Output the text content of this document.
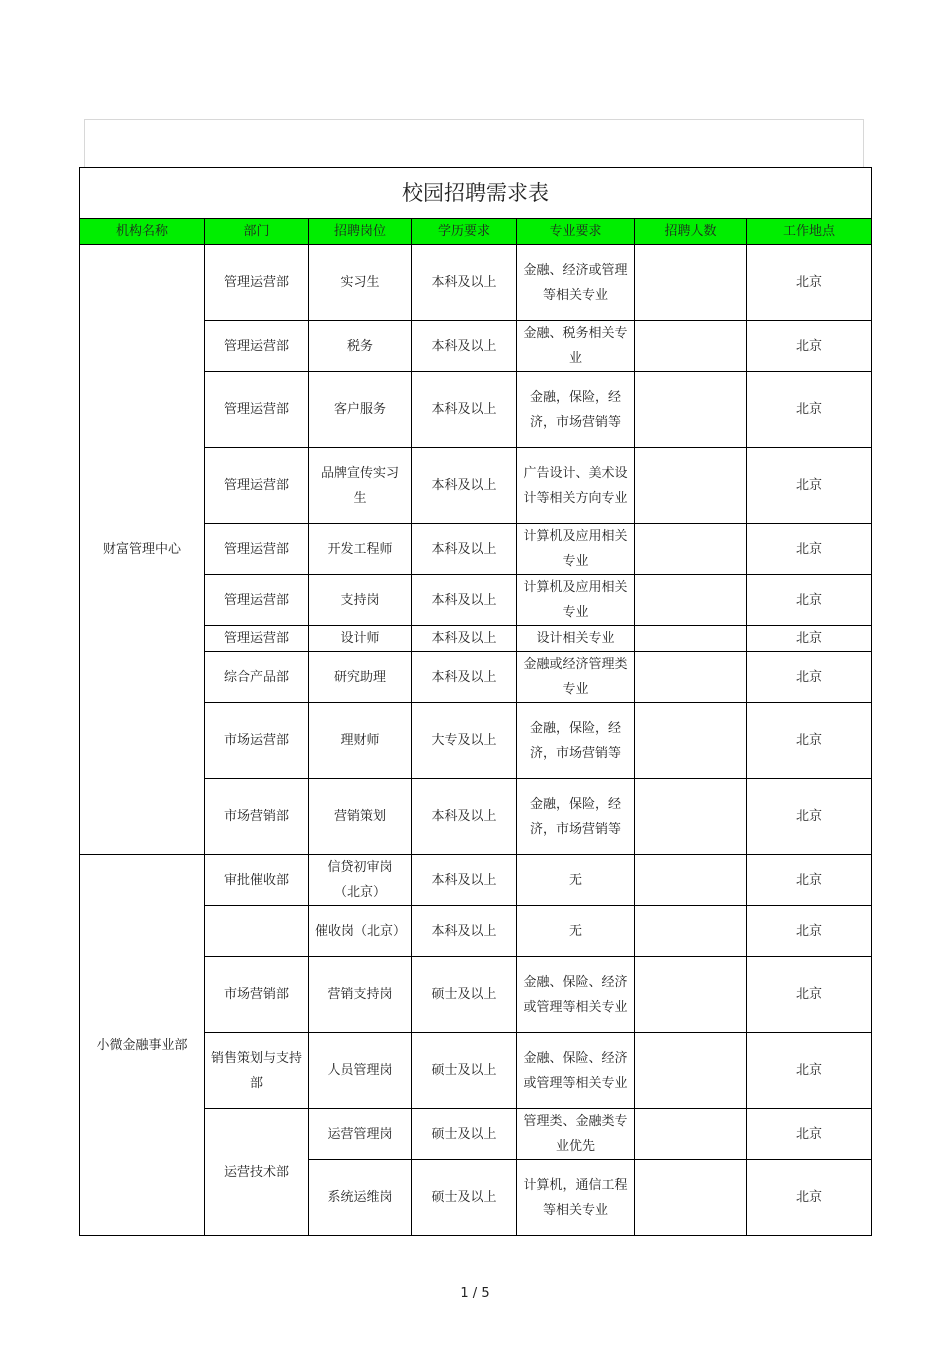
校园招聘需求表						
机构名称	部门	招聘岗位	学历要求	专业要求	招聘人数	工作地点
财富管理中心	管理运营部	实习生	本科及以上	金融、经济或管理等相关专业		北京
	管理运营部	税务	本科及以上	金融、税务相关专业		北京
	管理运营部	客户服务	本科及以上	金融，保险，经济，市场营销等		北京
	管理运营部	品牌宣传实习生	本科及以上	广告设计、美术设计等相关方向专业		北京
	管理运营部	开发工程师	本科及以上	计算机及应用相关专业		北京
	管理运营部	支持岗	本科及以上	计算机及应用相关专业		北京
	管理运营部	设计师	本科及以上	设计相关专业		北京
	综合产品部	研究助理	本科及以上	金融或经济管理类专业		北京
	市场运营部	理财师	大专及以上	金融，保险，经济，市场营销等		北京
	市场营销部	营销策划	本科及以上	金融，保险，经济，市场营销等		北京
小微金融事业部	审批催收部	信贷初审岗（北京）	本科及以上	无		北京
		催收岗（北京）	本科及以上	无		北京
	市场营销部	营销支持岗	硕士及以上	金融、保险、经济或管理等相关专业		北京
	销售策划与支持部	人员管理岗	硕士及以上	金融、保险、经济或管理等相关专业		北京
	运营技术部	运营管理岗	硕士及以上	管理类、金融类专业优先		北京
		系统运维岗	硕士及以上	计算机，通信工程等相关专业		北京
1 / 5
